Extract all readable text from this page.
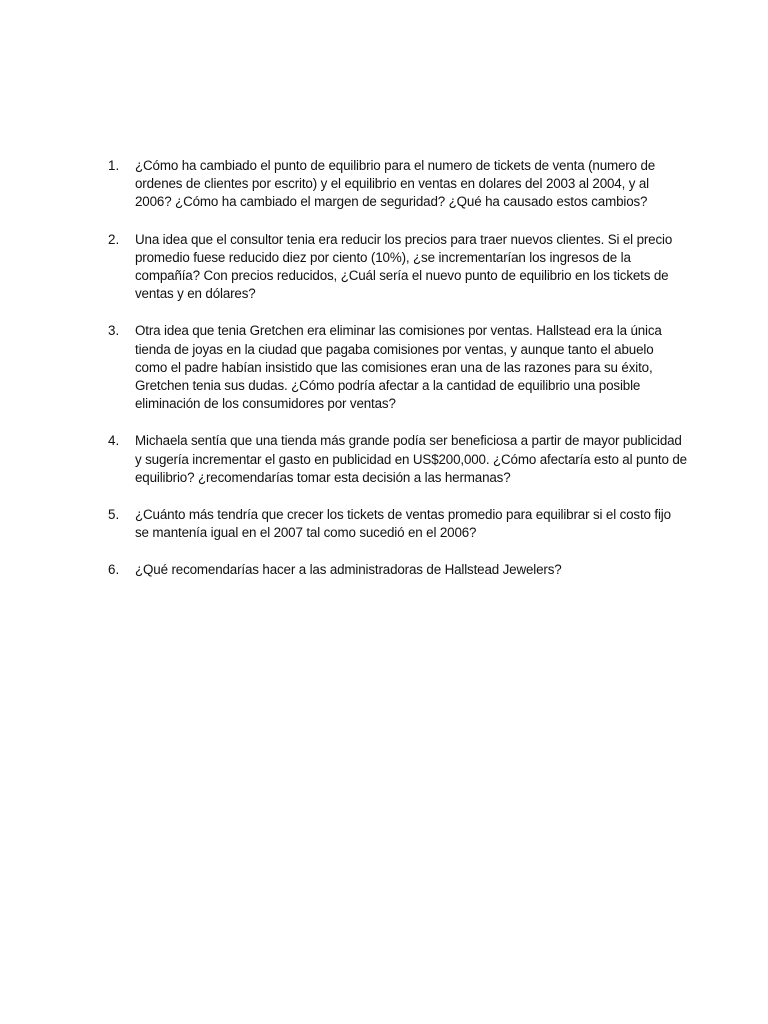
1.	¿Cómo ha cambiado el punto de equilibrio para el numero de tickets de venta (numero de ordenes de clientes por escrito) y el equilibrio en ventas en dolares del 2003 al 2004, y al 2006? ¿Cómo ha cambiado el margen de seguridad? ¿Qué ha causado estos cambios?
2.	Una idea que el consultor tenia era reducir los precios para traer nuevos clientes. Si el precio promedio fuese reducido diez por ciento (10%), ¿se incrementarían los ingresos de la compañía? Con precios reducidos, ¿Cuál sería el nuevo punto de equilibrio en los tickets de ventas y en dólares?
3.	Otra idea que tenia Gretchen era eliminar las comisiones por ventas. Hallstead era la única tienda de joyas en la ciudad que pagaba comisiones por ventas, y aunque tanto el abuelo como el padre habían insistido que las comisiones eran una de las razones para su éxito, Gretchen tenia sus dudas. ¿Cómo podría afectar a la cantidad de equilibrio una posible eliminación de los consumidores por ventas?
4.	Michaela sentía que una tienda más grande podía ser beneficiosa a partir de mayor publicidad y sugería incrementar el gasto en publicidad en US$200,000. ¿Cómo afectaría esto al punto de equilibrio? ¿recomendarías tomar esta decisión a las hermanas?
5.	¿Cuánto más tendría que crecer los tickets de ventas promedio para equilibrar si el costo fijo se mantenía igual en el 2007 tal como sucedió en el 2006?
6.	¿Qué recomendarías hacer a las administradoras de Hallstead Jewelers?
